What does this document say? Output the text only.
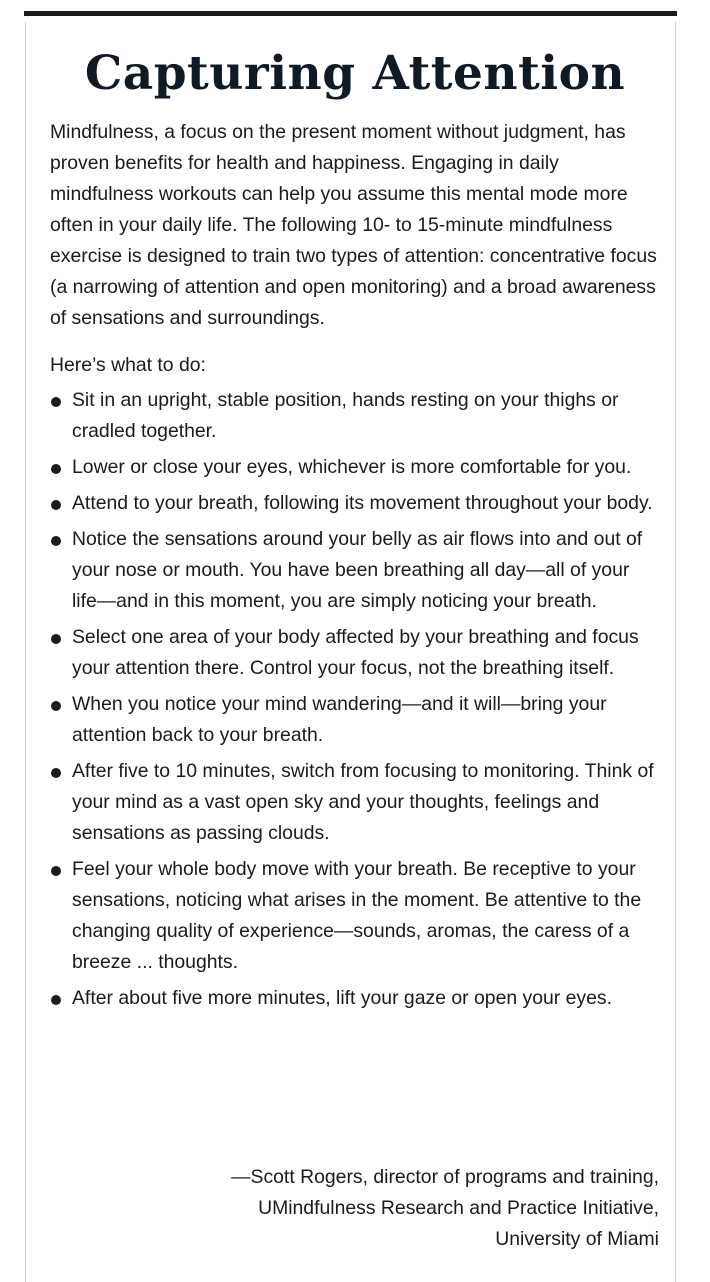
Capturing Attention

Mindfulness, a focus on the present moment without judgment, has proven benefits for health and happiness. Engaging in daily mindfulness workouts can help you assume this mental mode more often in your daily life. The following 10- to 15-minute mindfulness exercise is designed to train two types of attention: concentrative focus (a narrowing of attention and open monitoring) and a broad awareness of sensations and surroundings.

Here’s what to do:

Sit in an upright, stable position, hands resting on your thighs or cradled together.
Lower or close your eyes, whichever is more comfortable for you.
Attend to your breath, following its movement throughout your body.
Notice the sensations around your belly as air flows into and out of your nose or mouth. You have been breathing all day—all of your life—and in this moment, you are simply noticing your breath.
Select one area of your body affected by your breathing and focus your attention there. Control your focus, not the breathing itself.
When you notice your mind wandering—and it will—bring your attention back to your breath.
After five to 10 minutes, switch from focusing to monitoring. Think of your mind as a vast open sky and your thoughts, feelings and sensations as passing clouds.
Feel your whole body move with your breath. Be receptive to your sensations, noticing what arises in the moment. Be attentive to the changing quality of experience—sounds, aromas, the caress of a breeze ... thoughts.
After about five more minutes, lift your gaze or open your eyes.
—Scott Rogers, director of programs and training,
UMindfulness Research and Practice Initiative,
University of Miami
